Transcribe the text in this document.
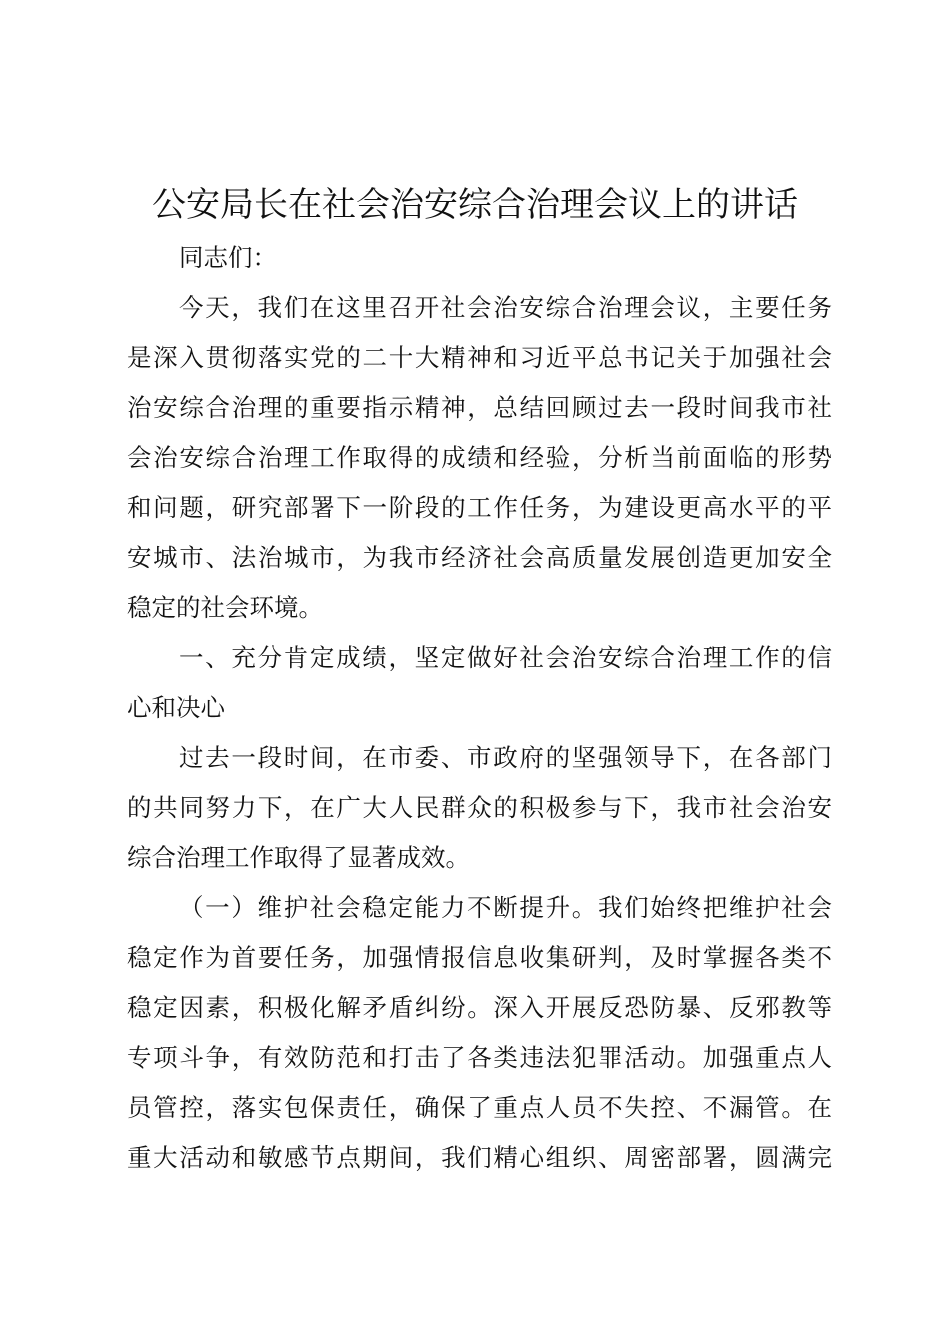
公安局长在社会治安综合治理会议上的讲话
同志们：
今天，我们在这里召开社会治安综合治理会议，主要任务
是深入贯彻落实党的二十大精神和习近平总书记关于加强社会
治安综合治理的重要指示精神，总结回顾过去一段时间我市社
会治安综合治理工作取得的成绩和经验，分析当前面临的形势
和问题，研究部署下一阶段的工作任务，为建设更高水平的平
安城市、法治城市，为我市经济社会高质量发展创造更加安全
稳定的社会环境。
一、充分肯定成绩，坚定做好社会治安综合治理工作的信
心和决心
过去一段时间，在市委、市政府的坚强领导下，在各部门
的共同努力下，在广大人民群众的积极参与下，我市社会治安
综合治理工作取得了显著成效。
（一）维护社会稳定能力不断提升。我们始终把维护社会
稳定作为首要任务，加强情报信息收集研判，及时掌握各类不
稳定因素，积极化解矛盾纠纷。深入开展反恐防暴、反邪教等
专项斗争，有效防范和打击了各类违法犯罪活动。加强重点人
员管控，落实包保责任，确保了重点人员不失控、不漏管。在
重大活动和敏感节点期间，我们精心组织、周密部署，圆满完
